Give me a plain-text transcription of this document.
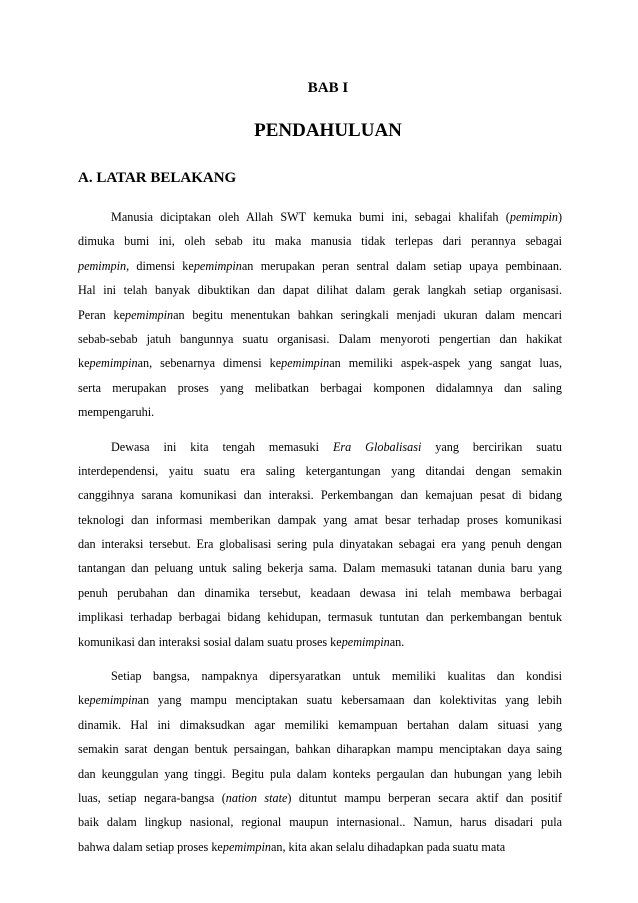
BAB I
PENDAHULUAN
A. LATAR BELAKANG
Manusia diciptakan oleh Allah SWT kemuka bumi ini, sebagai khalifah (pemimpin)
dimuka bumi ini, oleh sebab itu maka manusia tidak terlepas dari perannya sebagai
pemimpin, dimensi kepemimpinan merupakan peran sentral dalam setiap upaya pembinaan.
Hal ini telah banyak dibuktikan dan dapat dilihat dalam gerak langkah setiap organisasi.
Peran kepemimpinan begitu menentukan bahkan seringkali menjadi ukuran dalam mencari
sebab-sebab jatuh bangunnya suatu organisasi. Dalam menyoroti pengertian dan hakikat
kepemimpinan, sebenarnya dimensi kepemimpinan memiliki aspek-aspek yang sangat luas,
serta merupakan proses yang melibatkan berbagai komponen didalamnya dan saling
mempengaruhi.
Dewasa ini kita tengah memasuki Era Globalisasi yang bercirikan suatu
interdependensi, yaitu suatu era saling ketergantungan yang ditandai dengan semakin
canggihnya sarana komunikasi dan interaksi. Perkembangan dan kemajuan pesat di bidang
teknologi dan informasi memberikan dampak yang amat besar terhadap proses komunikasi
dan interaksi tersebut. Era globalisasi sering pula dinyatakan sebagai era yang penuh dengan
tantangan dan peluang untuk saling bekerja sama. Dalam memasuki tatanan dunia baru yang
penuh perubahan dan dinamika tersebut, keadaan dewasa ini telah membawa berbagai
implikasi terhadap berbagai bidang kehidupan, termasuk tuntutan dan perkembangan bentuk
komunikasi dan interaksi sosial dalam suatu proses kepemimpinan.
Setiap bangsa, nampaknya dipersyaratkan untuk memiliki kualitas dan kondisi
kepemimpinan yang mampu menciptakan suatu kebersamaan dan kolektivitas yang lebih
dinamik. Hal ini dimaksudkan agar memiliki kemampuan bertahan dalam situasi yang
semakin sarat dengan bentuk persaingan, bahkan diharapkan mampu menciptakan daya saing
dan keunggulan yang tinggi. Begitu pula dalam konteks pergaulan dan hubungan yang lebih
luas, setiap negara-bangsa (nation state) dituntut mampu berperan secara aktif dan positif
baik dalam lingkup nasional, regional maupun internasional.. Namun, harus disadari pula
bahwa dalam setiap proses kepemimpinan, kita akan selalu dihadapkan pada suatu mata
